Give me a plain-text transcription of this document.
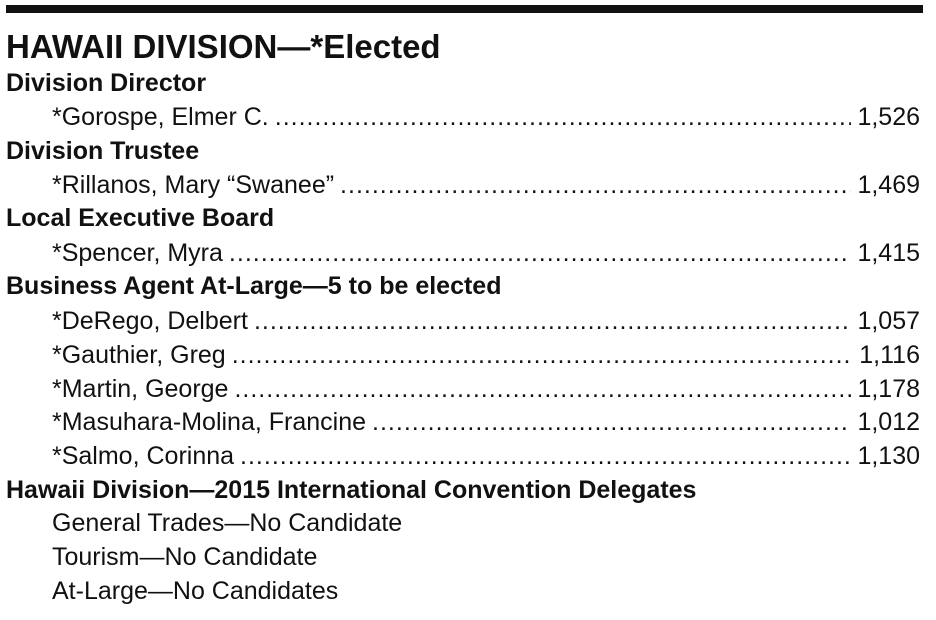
HAWAII DIVISION—*Elected
Division Director
*Gorospe, Elmer C. .....	1,526
Division Trustee
*Rillanos, Mary “Swanee” .....	1,469
Local Executive Board
*Spencer, Myra .....	1,415
Business Agent At-Large—5 to be elected
*DeRego, Delbert .....	1,057
*Gauthier, Greg .....	1,116
*Martin, George .....	1,178
*Masuhara-Molina, Francine .....	1,012
*Salmo, Corinna .....	1,130
Hawaii Division—2015 International Convention Delegates
General Trades—No Candidate
Tourism—No Candidate
At-Large—No Candidates
